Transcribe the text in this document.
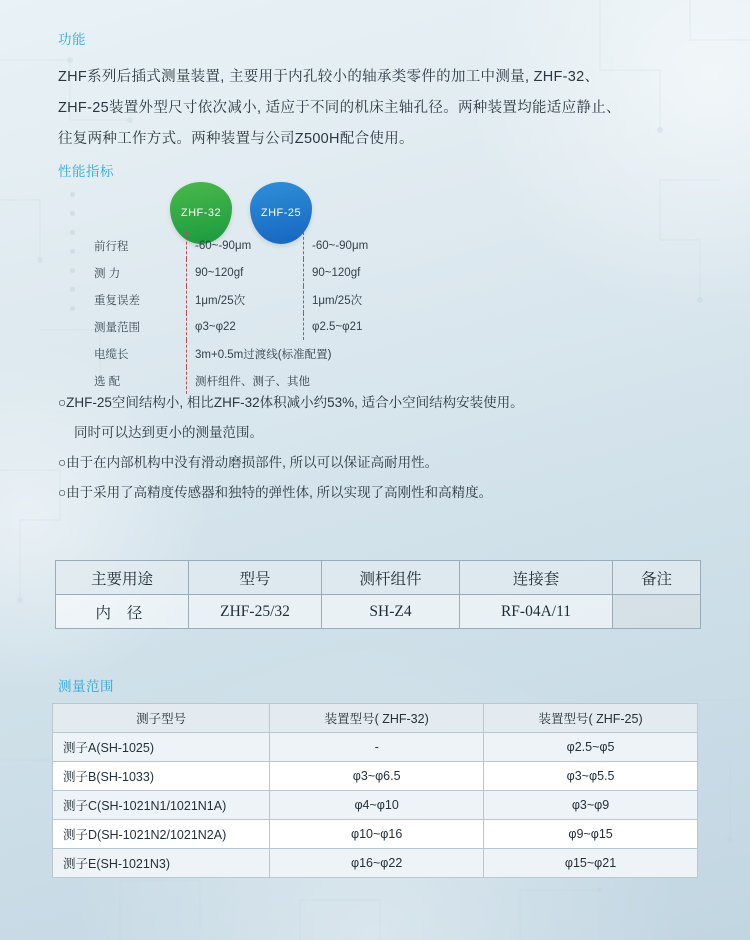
功能
ZHF系列后插式测量装置, 主要用于内孔较小的轴承类零件的加工中测量, ZHF-32、
ZHF-25装置外型尺寸依次减小, 适应于不同的机床主轴孔径。两种装置均能适应静止、
往复两种工作方式。两种装置与公司Z500H配合使用。
性能指标
ZHF-32	ZHF-25
前行程	-60~-90μm	-60~-90μm
测 力	90~120gf	90~120gf
重复误差	1μm/25次	1μm/25次
测量范围	φ3~φ22	φ2.5~φ21
电缆长	3m+0.5m过渡线(标准配置)	
选 配	测杆组件、测子、其他	
○ZHF-25空间结构小, 相比ZHF-32体积减小约53%, 适合小空间结构安装使用。
同时可以达到更小的测量范围。
○由于在内部机构中没有滑动磨损部件, 所以可以保证高耐用性。
○由于采用了高精度传感器和独特的弹性体, 所以实现了高刚性和高精度。
主要用途	型号	测杆组件	连接套	备注
内 径	ZHF-25/32	SH-Z4	RF-04A/11	
测量范围
测子型号	装置型号( ZHF-32)	装置型号( ZHF-25)
测子A(SH-1025)	-	φ2.5~φ5
测子B(SH-1033)	φ3~φ6.5	φ3~φ5.5
测子C(SH-1021N1/1021N1A)	φ4~φ10	φ3~φ9
测子D(SH-1021N2/1021N2A)	φ10~φ16	φ9~φ15
测子E(SH-1021N3)	φ16~φ22	φ15~φ21
